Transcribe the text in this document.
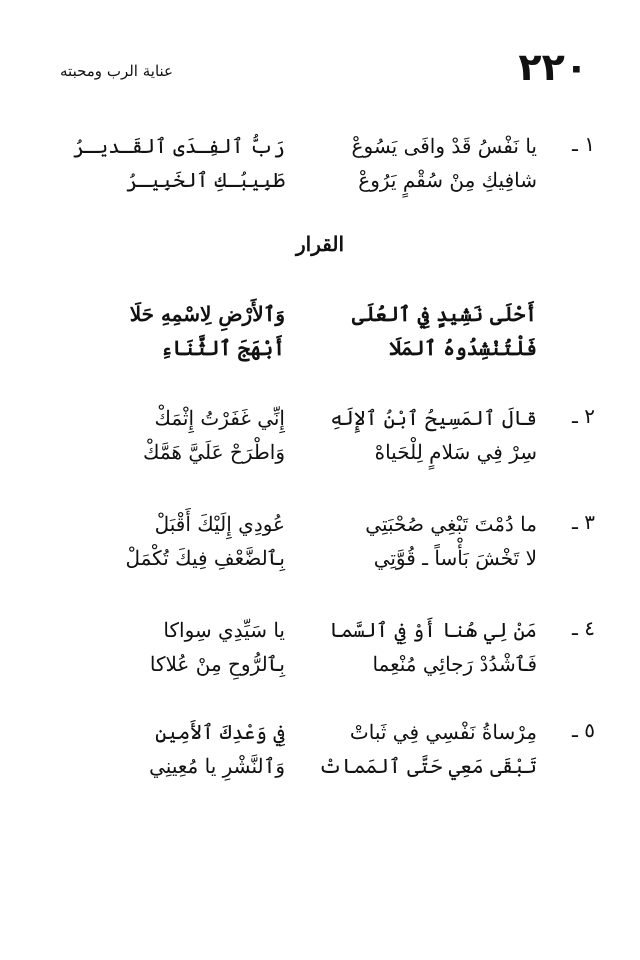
٢٢٠
عناية الرب ومحبته
١ ـ
يا نَفْسُ قَدْ وافَى يَسُوعْ
رَبُّ ٱلفِـدَى ٱلقَـديـرُ
شافِيكِ مِنْ سُقْمٍ يَرُوعْ
طَبِيبُـكِ ٱلخَبِيـرُ
القرار
أَحْلَى نَشِيدٍ فِي ٱلعُلَى
وَٱلأَرْضِ لِاسْمِهِ حَلَا
فَلْتُنْشِدُوهُ ٱلمَلَا
أَبْهَجَ ٱلثَّنَاءِ
٢ ـ
قالَ ٱلمَسِيحُ ٱبْنُ ٱلإِلَهِ
إِنِّي غَفَرْتُ إِثْمَكْ
سِرْ فِي سَلامٍ لِلْحَياهْ
وَاطْرَحْ عَلَيَّ هَمَّكْ
٣ ـ
ما دُمْتَ تَبْغِي صُحْبَتِي
عُودِي إِلَيْكَ أَقْبَلْ
لا تَخْشَ بَأْساً ـ قُوَّتِي
بِٱلضَّعْفِ فِيكَ تُكْمَلْ
٤ ـ
مَنْ لِي هُنا أَوْ فِي ٱلسَّما
يا سَيِّدِي سِواكا
فَٱشْدُدْ رَجائِي مُنْعِما
بِٱلرُّوحِ مِنْ عُلاكا
٥ ـ
مِرْساةُ نَفْسِي فِي ثَباتْ
فِي وَعْدِكَ ٱلأَمِينِ
تَبْقَى مَعِي حَتَّى ٱلمَماتْ
وَٱلنَّشْرِ يا مُعِينِي
